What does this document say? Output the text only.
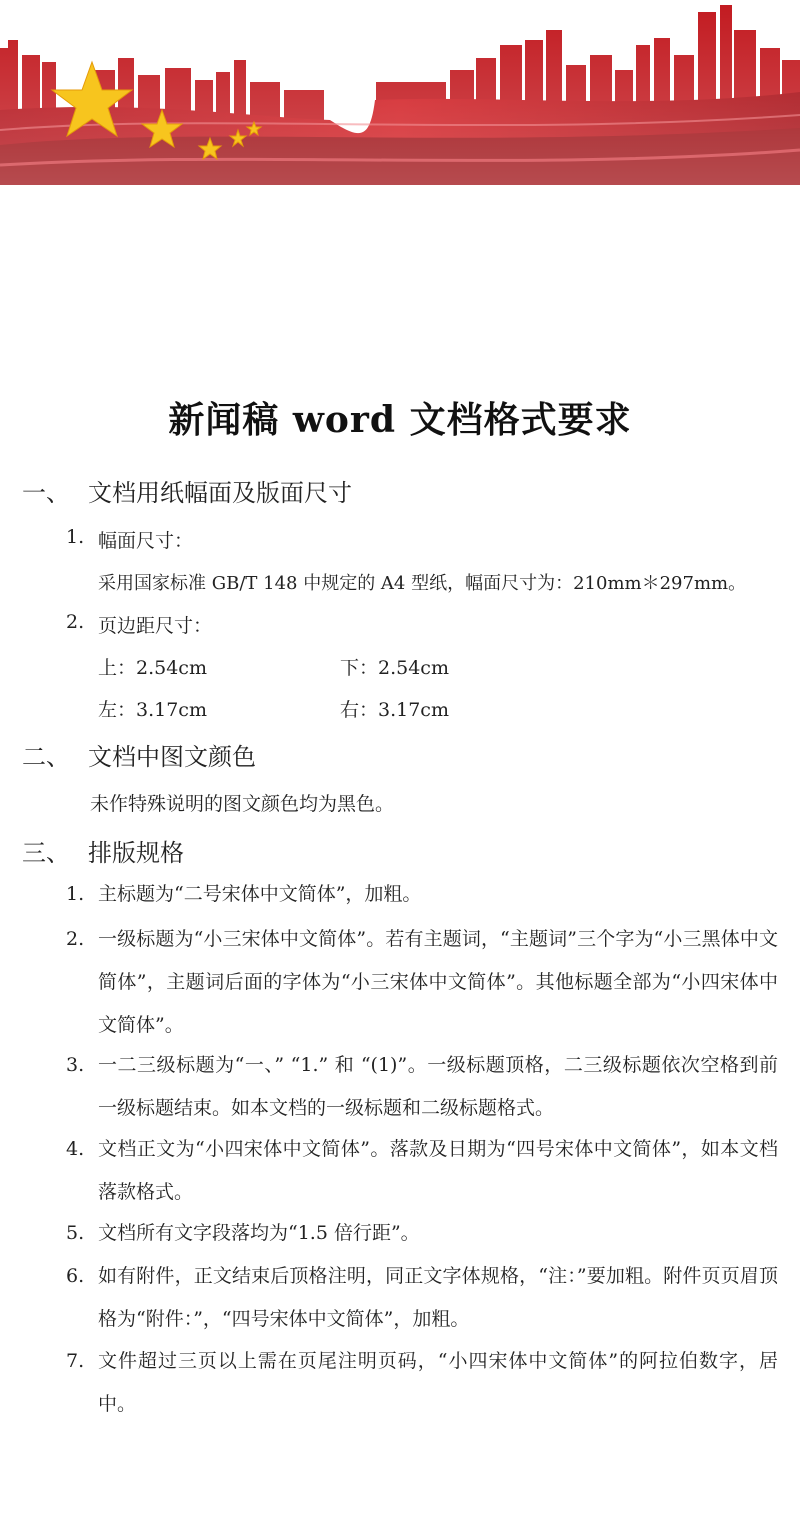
新闻稿 word 文档格式要求
一、 文档用纸幅面及版面尺寸
1. 幅面尺寸：
采用国家标准 GB/T 148 中规定的 A4 型纸，幅面尺寸为：210mm＊297mm。
2. 页边距尺寸：
上：2.54cm	下：2.54cm
左：3.17cm	右：3.17cm
二、 文档中图文颜色
未作特殊说明的图文颜色均为黑色。
三、 排版规格
1. 主标题为“二号宋体中文简体”，加粗。
2. 一级标题为“小三宋体中文简体”。若有主题词，“主题词”三个字为“小三黑体中文简体”，主题词后面的字体为“小三宋体中文简体”。其他标题全部为“小四宋体中文简体”。
3. 一二三级标题为“一、” “1.” 和 “(1)”。一级标题顶格，二三级标题依次空格到前一级标题结束。如本文档的一级标题和二级标题格式。
4. 文档正文为“小四宋体中文简体”。落款及日期为“四号宋体中文简体”，如本文档落款格式。
5. 文档所有文字段落均为“1.5 倍行距”。
6. 如有附件，正文结束后顶格注明，同正文字体规格，“注：”要加粗。附件页页眉顶格为“附件：”，“四号宋体中文简体”，加粗。
7. 文件超过三页以上需在页尾注明页码，“小四宋体中文简体”的阿拉伯数字，居中。
